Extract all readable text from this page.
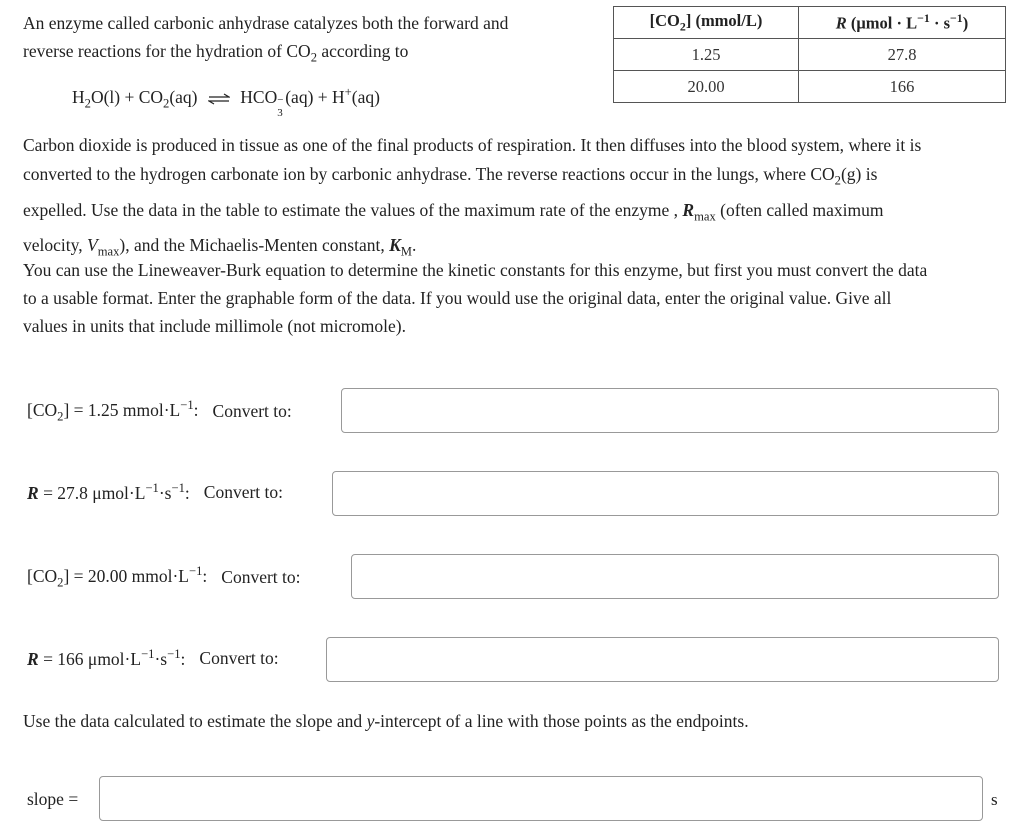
An enzyme called carbonic anhydrase catalyzes both the forward and
reverse reactions for the hydration of $CO_2$ according to
$H_2O(l) + CO_2(aq)$ ⇌ HCO −
3
(aq) + H+(aq)
$[CO_2]$ (mmol/L)	R $(\mu mol \cdot L^{-1} \cdot s^{-1})$
1.25	27.8
20.00	166
Carbon dioxide is produced in tissue as one of the final products of respiration. It then diffuses into the blood system, where it is
converted to the hydrogen carbonate ion by carbonic anhydrase. The reverse reactions occur in the lungs, where $CO_2(g)$ is
expelled. Use the data in the table to estimate the values of the maximum rate of the enzyme , $R_{max}$ (often called maximum
velocity, $V_{max}$), and the Michaelis-Menten constant, $K_M$.
You can use the Lineweaver-Burk equation to determine the kinetic constants for this enzyme, but first you must convert the data
to a usable format. Enter the graphable form of the data. If you would use the original data, enter the original value. Give all
values in units that include millimole (not micromole).
$[CO_2] = 1.25$ $mmol\cdot L^{-1}$: Convert to:
R = 27.8 $\mu mol\cdot L^{-1}\cdot s^{-1}$: Convert to:
$[CO_2] = 20.00$ $mmol\cdot L^{-1}$: Convert to:
R = 166 $\mu mol\cdot L^{-1}\cdot s^{-1}$: Convert to:
Use the data calculated to estimate the slope and y-intercept of a line with those points as the endpoints.
slope =	s
